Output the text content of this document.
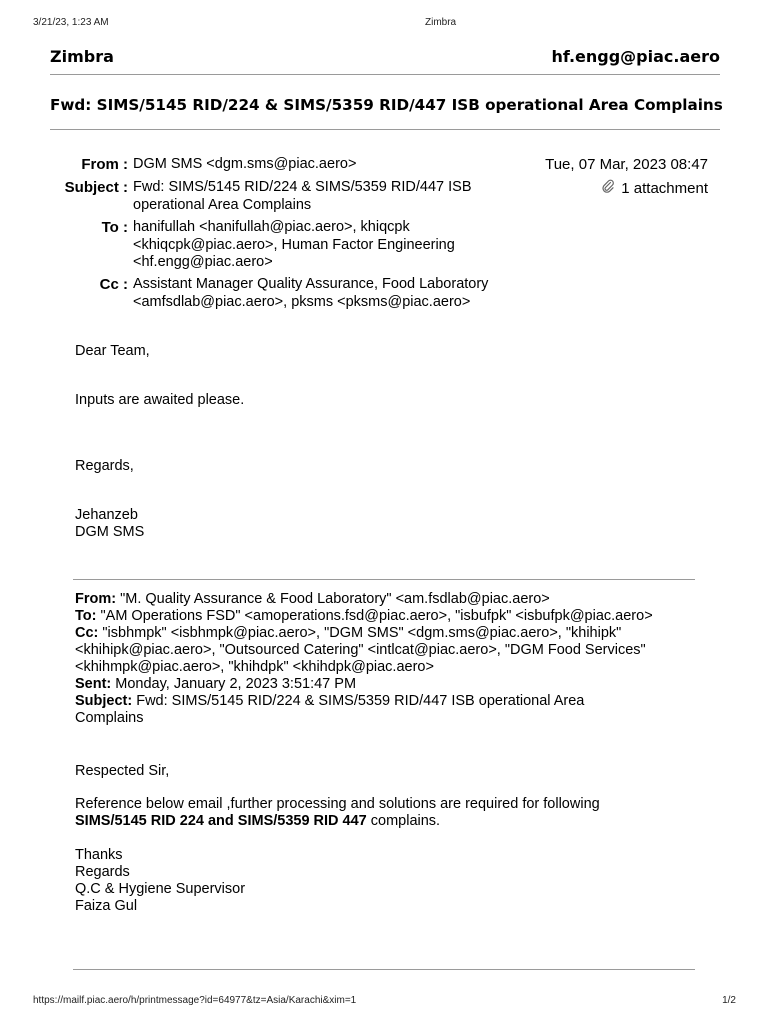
3/21/23, 1:23 AM	Zimbra
Zimbra	hf.engg@piac.aero
Fwd: SIMS/5145 RID/224 & SIMS/5359 RID/447 ISB operational Area Complains
From : DGM SMS <dgm.sms@piac.aero>	Tue, 07 Mar, 2023 08:47
Subject : Fwd: SIMS/5145 RID/224 & SIMS/5359 RID/447 ISB
operational Area Complains
1 attachment
To : hanifullah <hanifullah@piac.aero>, khiqcpk
<khiqcpk@piac.aero>, Human Factor Engineering
<hf.engg@piac.aero>
Cc : Assistant Manager Quality Assurance, Food Laboratory
<amfsdlab@piac.aero>, pksms <pksms@piac.aero>
Dear Team,
Inputs are awaited please.
Regards,
Jehanzeb
DGM SMS
From: "M. Quality Assurance & Food Laboratory" <am.fsdlab@piac.aero>
To: "AM Operations FSD" <amoperations.fsd@piac.aero>, "isbufpk" <isbufpk@piac.aero>
Cc: "isbhmpk" <isbhmpk@piac.aero>, "DGM SMS" <dgm.sms@piac.aero>, "khihipk"
<khihipk@piac.aero>, "Outsourced Catering" <intlcat@piac.aero>, "DGM Food Services"
<khihmpk@piac.aero>, "khihdpk" <khihdpk@piac.aero>
Sent: Monday, January 2, 2023 3:51:47 PM
Subject: Fwd: SIMS/5145 RID/224 & SIMS/5359 RID/447 ISB operational Area
Complains
Respected Sir,
Reference below email ,further processing and solutions are required for following
SIMS/5145 RID 224 and SIMS/5359 RID 447 complains.
Thanks
Regards
Q.C & Hygiene Supervisor
Faiza Gul
https://mailf.piac.aero/h/printmessage?id=64977&tz=Asia/Karachi&xim=1	1/2
